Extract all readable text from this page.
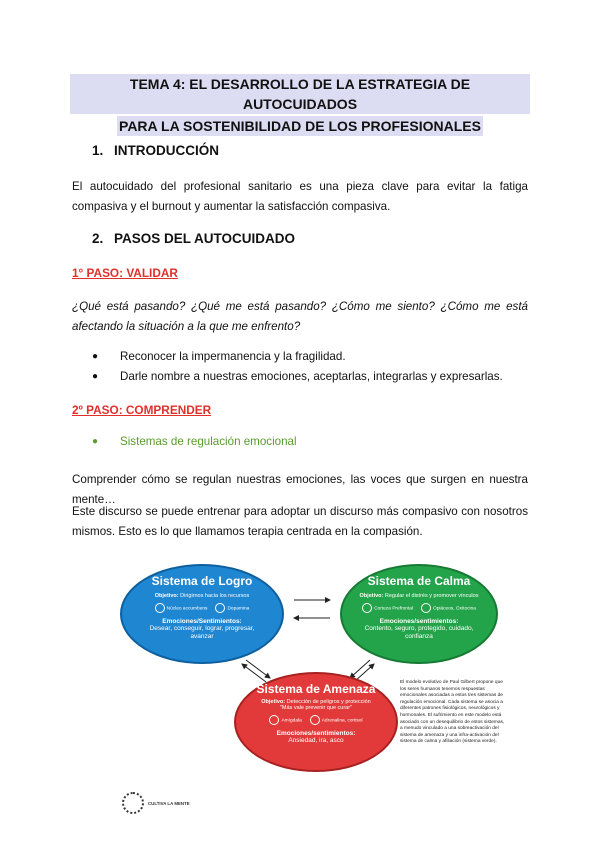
TEMA 4: EL DESARROLLO DE LA ESTRATEGIA DE AUTOCUIDADOS
PARA LA SOSTENIBILIDAD DE LOS PROFESIONALES
1. INTRODUCCIÓN
El autocuidado del profesional sanitario es una pieza clave para evitar la fatiga compasiva y el burnout y aumentar la satisfacción compasiva.
2. PASOS DEL AUTOCUIDADO
1° PASO: VALIDAR
¿Qué está pasando? ¿Qué me está pasando? ¿Cómo me siento? ¿Cómo me está afectando la situación a la que me enfrento?
●	Reconocer la impermanencia y la fragilidad.
●	Darle nombre a nuestras emociones, aceptarlas, integrarlas y expresarlas.
2º PASO: COMPRENDER
●	Sistemas de regulación emocional
Comprender cómo se regulan nuestras emociones, las voces que surgen en nuestra mente…
Este discurso se puede entrenar para adoptar un discurso más compasivo con nosotros mismos. Esto es lo que llamamos terapia centrada en la compasión.
Sistema de Logro
Objetivo: Dirigirnos hacia los recursos
Núcleo accumbens	Dopamina
Emociones/Sentimientos:
Desear, conseguir, lograr, progresar, avanzar
Sistema de Calma
Objetivo: Regular el distrés y promover vínculos
Corteza Prefrontal	Opiáceos, Oxitocina
Emociones/sentimientos:
Contento, seguro, protegido, cuidado, confianza
Sistema de Amenaza
Objetivo: Detección de peligros y protección
"Más vale prevenir que curar"
Amígdala	Adrenalina, cortisol
Emociones/sentimientos:
Ansiedad, ira, asco
El modelo evolutivo de Paul Gilbert propone que los seres humanos tenemos respuestas emocionales asociadas a estos tres sistemas de regulación emocional. Cada sistema se asocia a diferentes patrones fisiológicos, neurológicos y hormonales. El sufrimiento en este modelo está asociado con un desequilibrio de estos sistemas, a menudo vinculado a una sobreactivación del sistema de amenaza y una infra-activación del sistema de calma y afiliación (sistema verde).
CULTIVA LA MENTE
